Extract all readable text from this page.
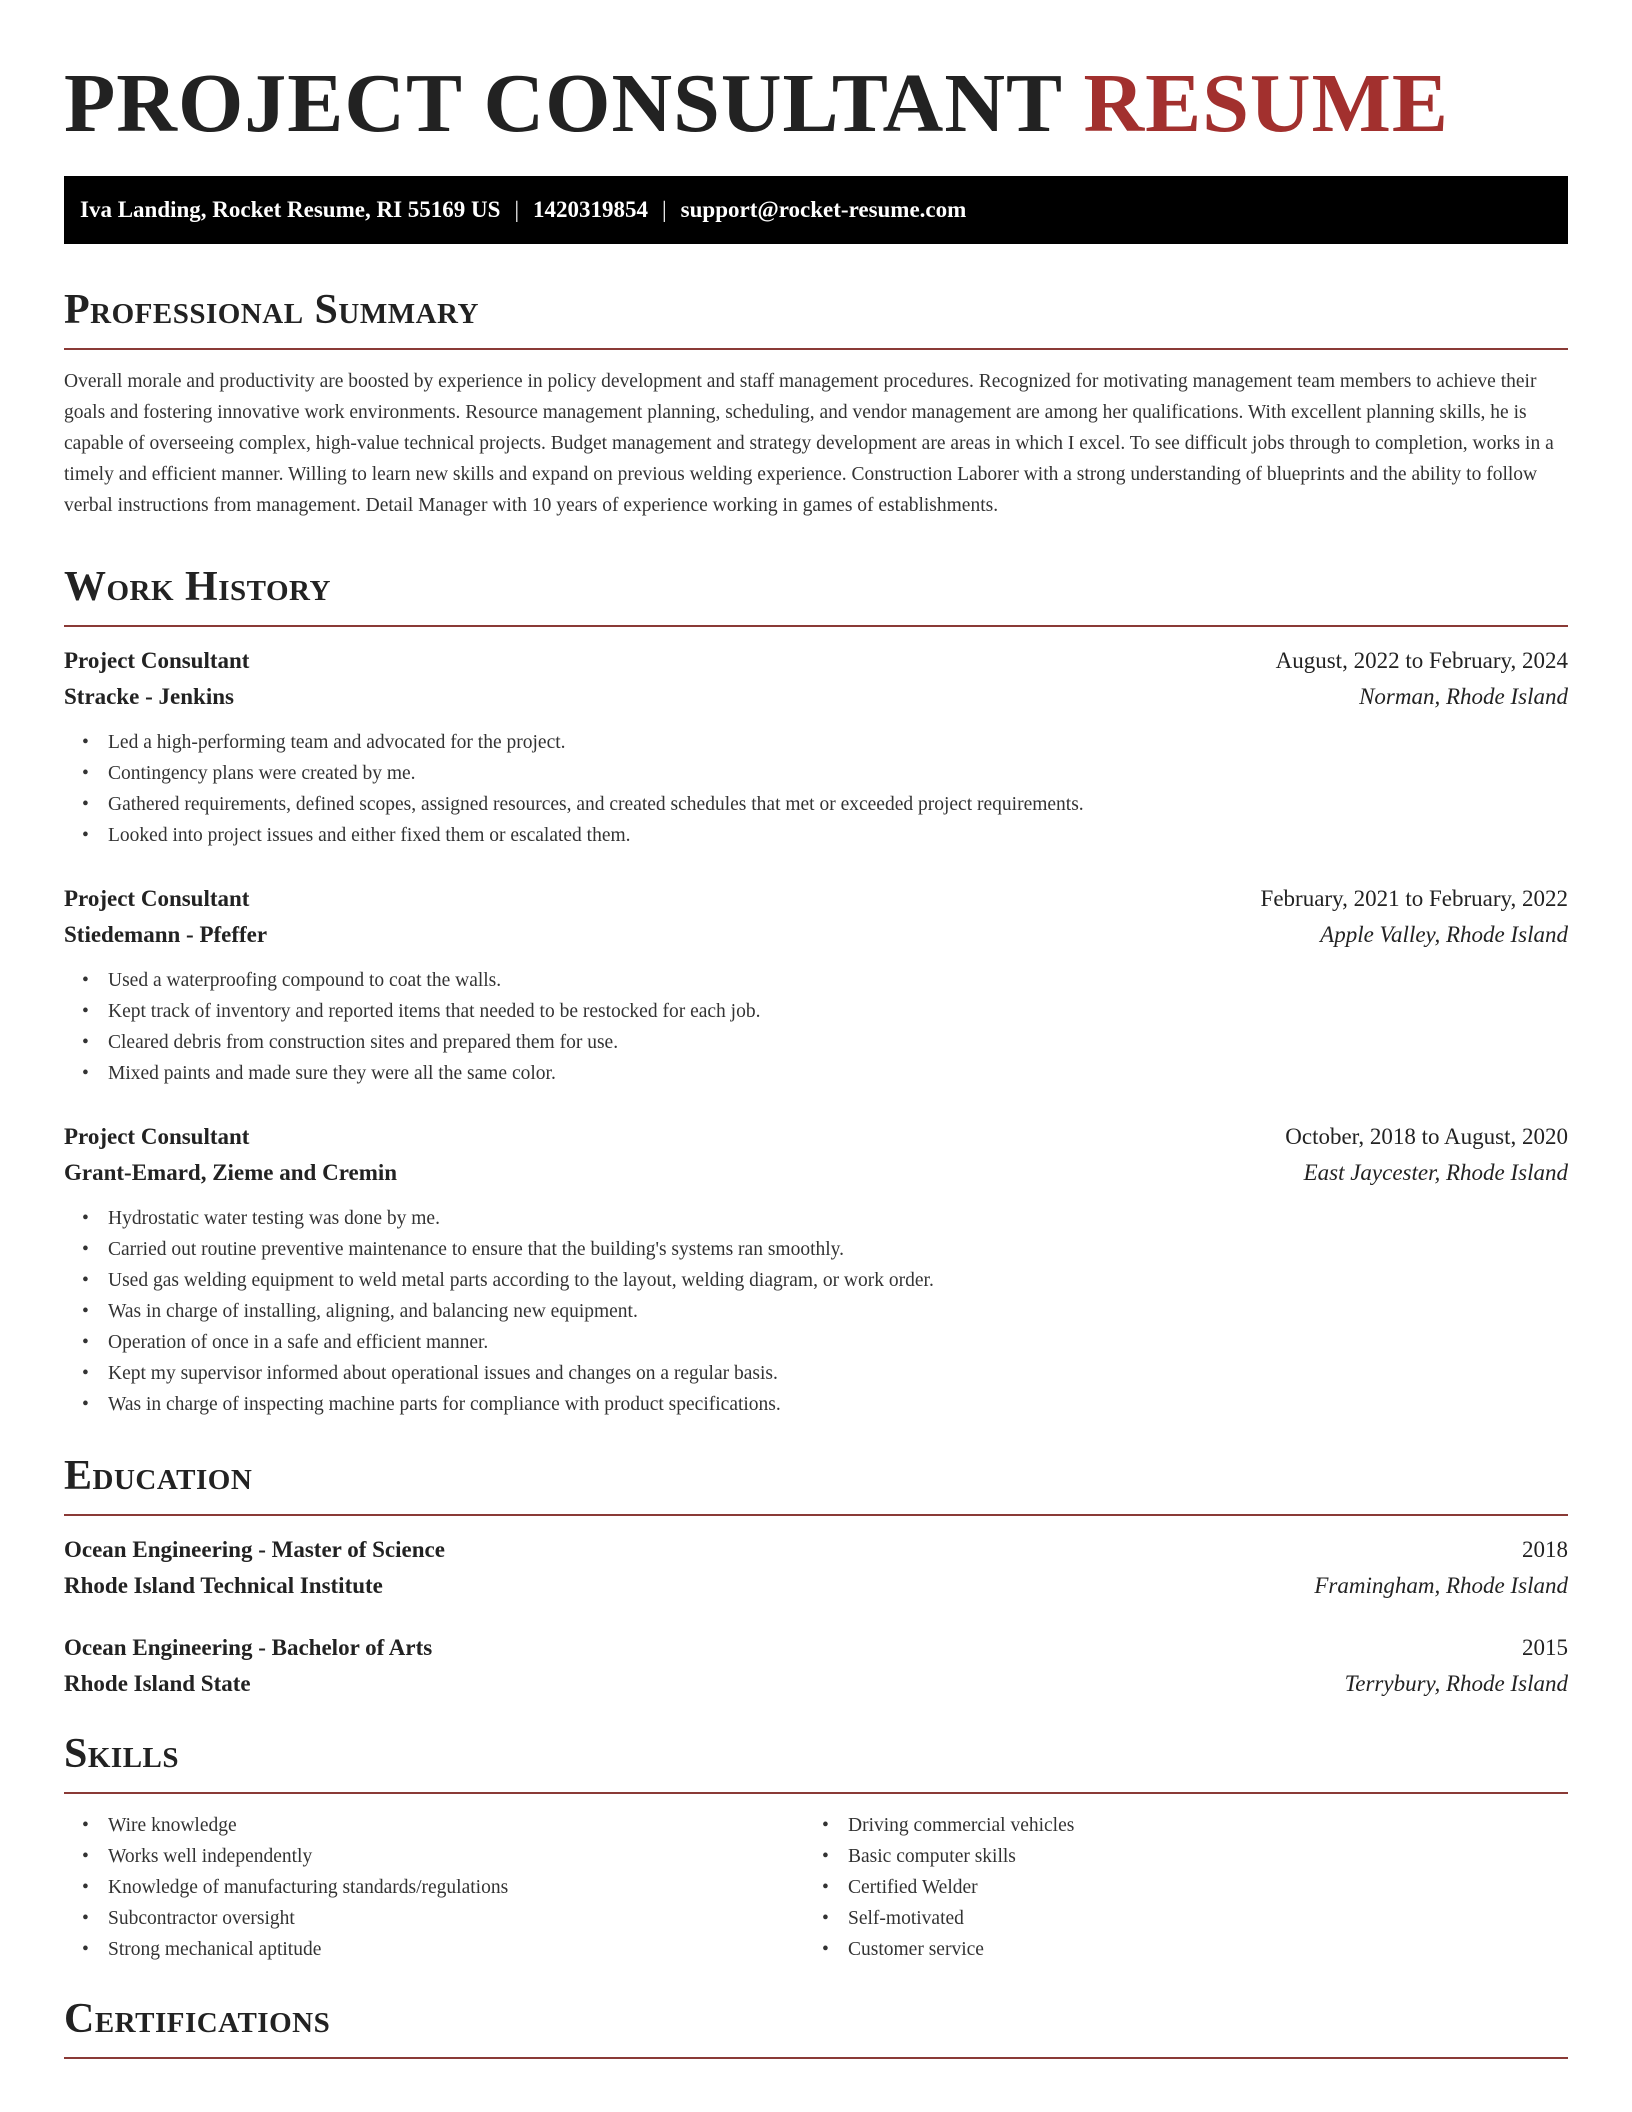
PROJECT CONSULTANT RESUME
Iva Landing, Rocket Resume, RI 55169 US | 1420319854 | support@rocket-resume.com
Professional Summary

Overall morale and productivity are boosted by experience in policy development and staff management procedures. Recognized for motivating management team members to achieve their goals and fostering innovative work environments. Resource management planning, scheduling, and vendor management are among her qualifications. With excellent planning skills, he is capable of overseeing complex, high-value technical projects. Budget management and strategy development are areas in which I excel. To see difficult jobs through to completion, works in a timely and efficient manner. Willing to learn new skills and expand on previous welding experience. Construction Laborer with a strong understanding of blueprints and the ability to follow verbal instructions from management. Detail Manager with 10 years of experience working in games of establishments.

Work History
Project Consultant	August, 2022 to February, 2024
Stracke - Jenkins	Norman, Rhode Island
• Led a high-performing team and advocated for the project.
• Contingency plans were created by me.
• Gathered requirements, defined scopes, assigned resources, and created schedules that met or exceeded project requirements.
• Looked into project issues and either fixed them or escalated them.
Project Consultant	February, 2021 to February, 2022
Stiedemann - Pfeffer	Apple Valley, Rhode Island
• Used a waterproofing compound to coat the walls.
• Kept track of inventory and reported items that needed to be restocked for each job.
• Cleared debris from construction sites and prepared them for use.
• Mixed paints and made sure they were all the same color.
Project Consultant	October, 2018 to August, 2020
Grant-Emard, Zieme and Cremin	East Jaycester, Rhode Island
• Hydrostatic water testing was done by me.
• Carried out routine preventive maintenance to ensure that the building's systems ran smoothly.
• Used gas welding equipment to weld metal parts according to the layout, welding diagram, or work order.
• Was in charge of installing, aligning, and balancing new equipment.
• Operation of once in a safe and efficient manner.
• Kept my supervisor informed about operational issues and changes on a regular basis.
• Was in charge of inspecting machine parts for compliance with product specifications.
Education
Ocean Engineering - Master of Science	2018
Rhode Island Technical Institute	Framingham, Rhode Island
Ocean Engineering - Bachelor of Arts	2015
Rhode Island State	Terrybury, Rhode Island
Skills
• Wire knowledge
• Works well independently
• Knowledge of manufacturing standards/regulations
• Subcontractor oversight
• Strong mechanical aptitude
• Driving commercial vehicles
• Basic computer skills
• Certified Welder
• Self-motivated
• Customer service
Certifications
